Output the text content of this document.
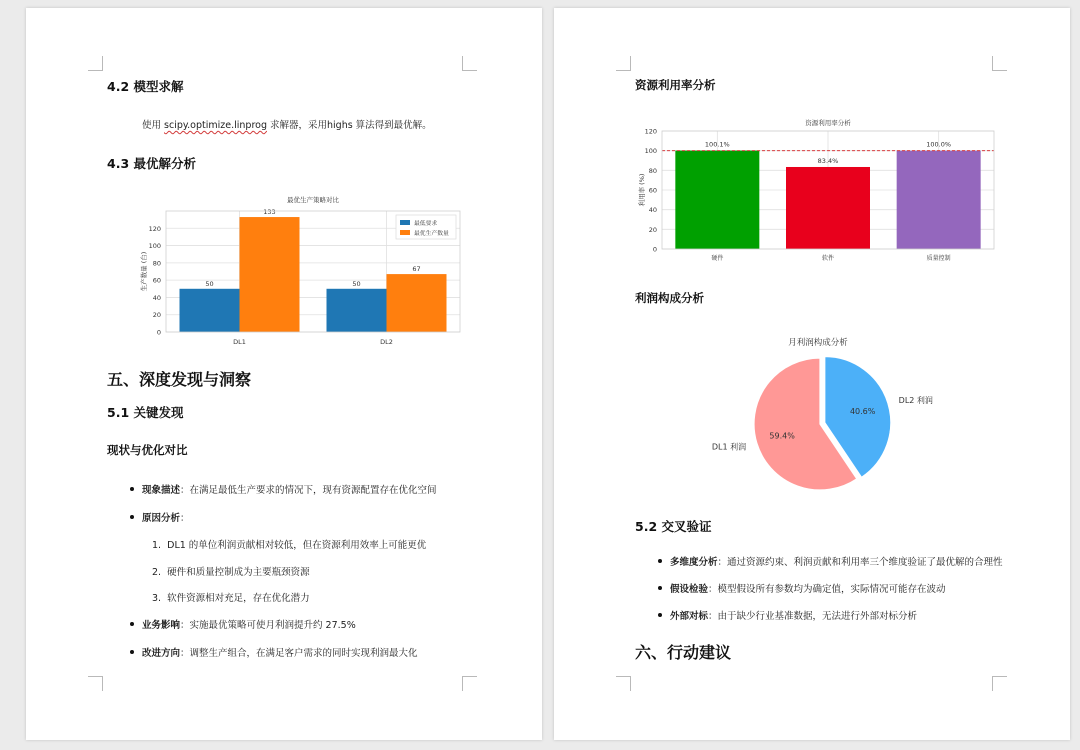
4.2 模型求解
使用 scipy.optimize.linprog 求解器，采用highs 算法得到最优解。
4.3 最优解分析
最优生产策略对比
0
20
40
60
80
100
120
50
133
DL1
50
67
DL2
生产数量 (台)
最低要求
最优生产数量
五、深度发现与洞察
5.1 关键发现
现状与优化对比
现象描述：在满足最低生产要求的情况下，现有资源配置存在优化空间
原因分析：
1. DL1 的单位利润贡献相对较低，但在资源利用效率上可能更优
2. 硬件和质量控制成为主要瓶颈资源
3. 软件资源相对充足，存在优化潜力
业务影响：实施最优策略可使月利润提升约 27.5%
改进方向：调整生产组合，在满足客户需求的同时实现利润最大化
资源利用率分析
资源利用率分析
0
20
40
60
80
100
120
100.1%
硬件
83.4%
软件
100.0%
质量控制
利用率 (%)
利润构成分析
月利润构成分析
40.6%
DL2 利润
59.4%
DL1 利润
5.2 交叉验证
多维度分析：通过资源约束、利润贡献和利用率三个维度验证了最优解的合理性
假设检验：模型假设所有参数均为确定值，实际情况可能存在波动
外部对标：由于缺少行业基准数据，无法进行外部对标分析
六、行动建议
